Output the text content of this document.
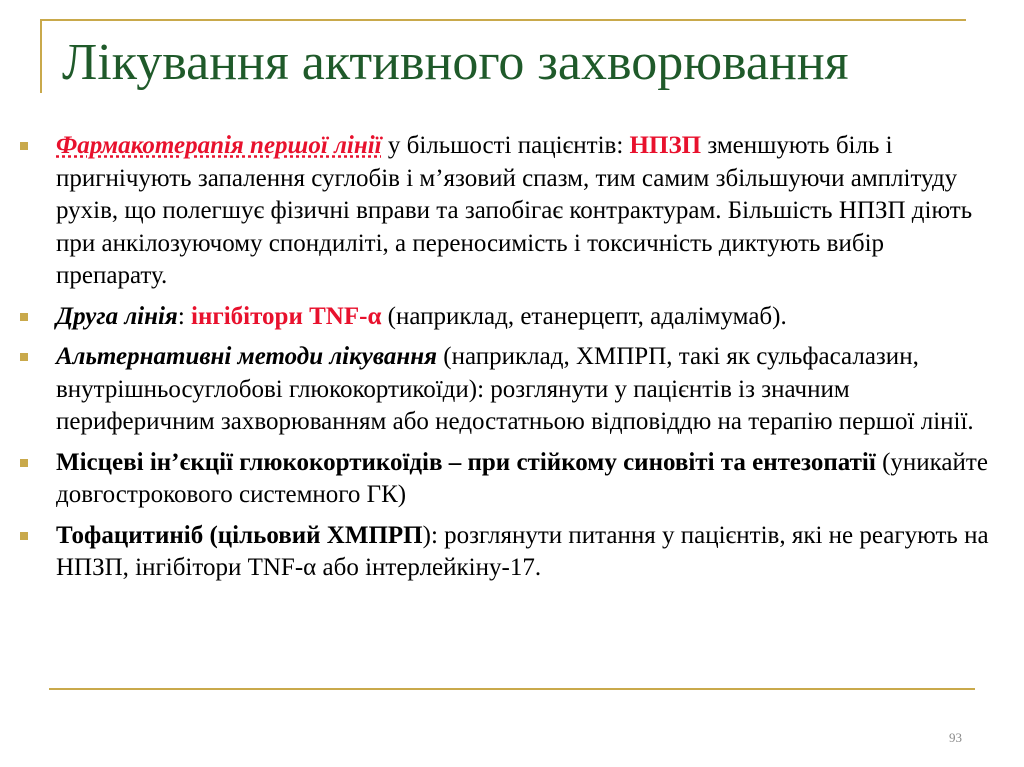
Лікування активного захворювання
Фармакотерапія першої лінії у більшості пацієнтів: НПЗП зменшують біль і пригнічують запалення суглобів і м’язовий спазм, тим самим збільшуючи амплітуду рухів, що полегшує фізичні вправи та запобігає контрактурам. Більшість НПЗП діють при анкілозуючому спондиліті, а переносимість і токсичність диктують вибір препарату.
Друга лінія: інгібітори TNF-α (наприклад, етанерцепт, адалімумаб).
Альтернативні методи лікування (наприклад, ХМПРП, такі як сульфасалазин, внутрішньосуглобові глюкокортикоїди): розглянути у пацієнтів із значним периферичним захворюванням або недостатньою відповіддю на терапію першої лінії.
Місцеві ін’єкції глюкокортикоїдів – при стійкому синовіті та ентезопатії (уникайте довгострокового системного ГК)
Тофацитиніб (цільовий ХМПРП): розглянути питання у пацієнтів, які не реагують на НПЗП, інгібітори TNF-α або інтерлейкіну-17.
93
